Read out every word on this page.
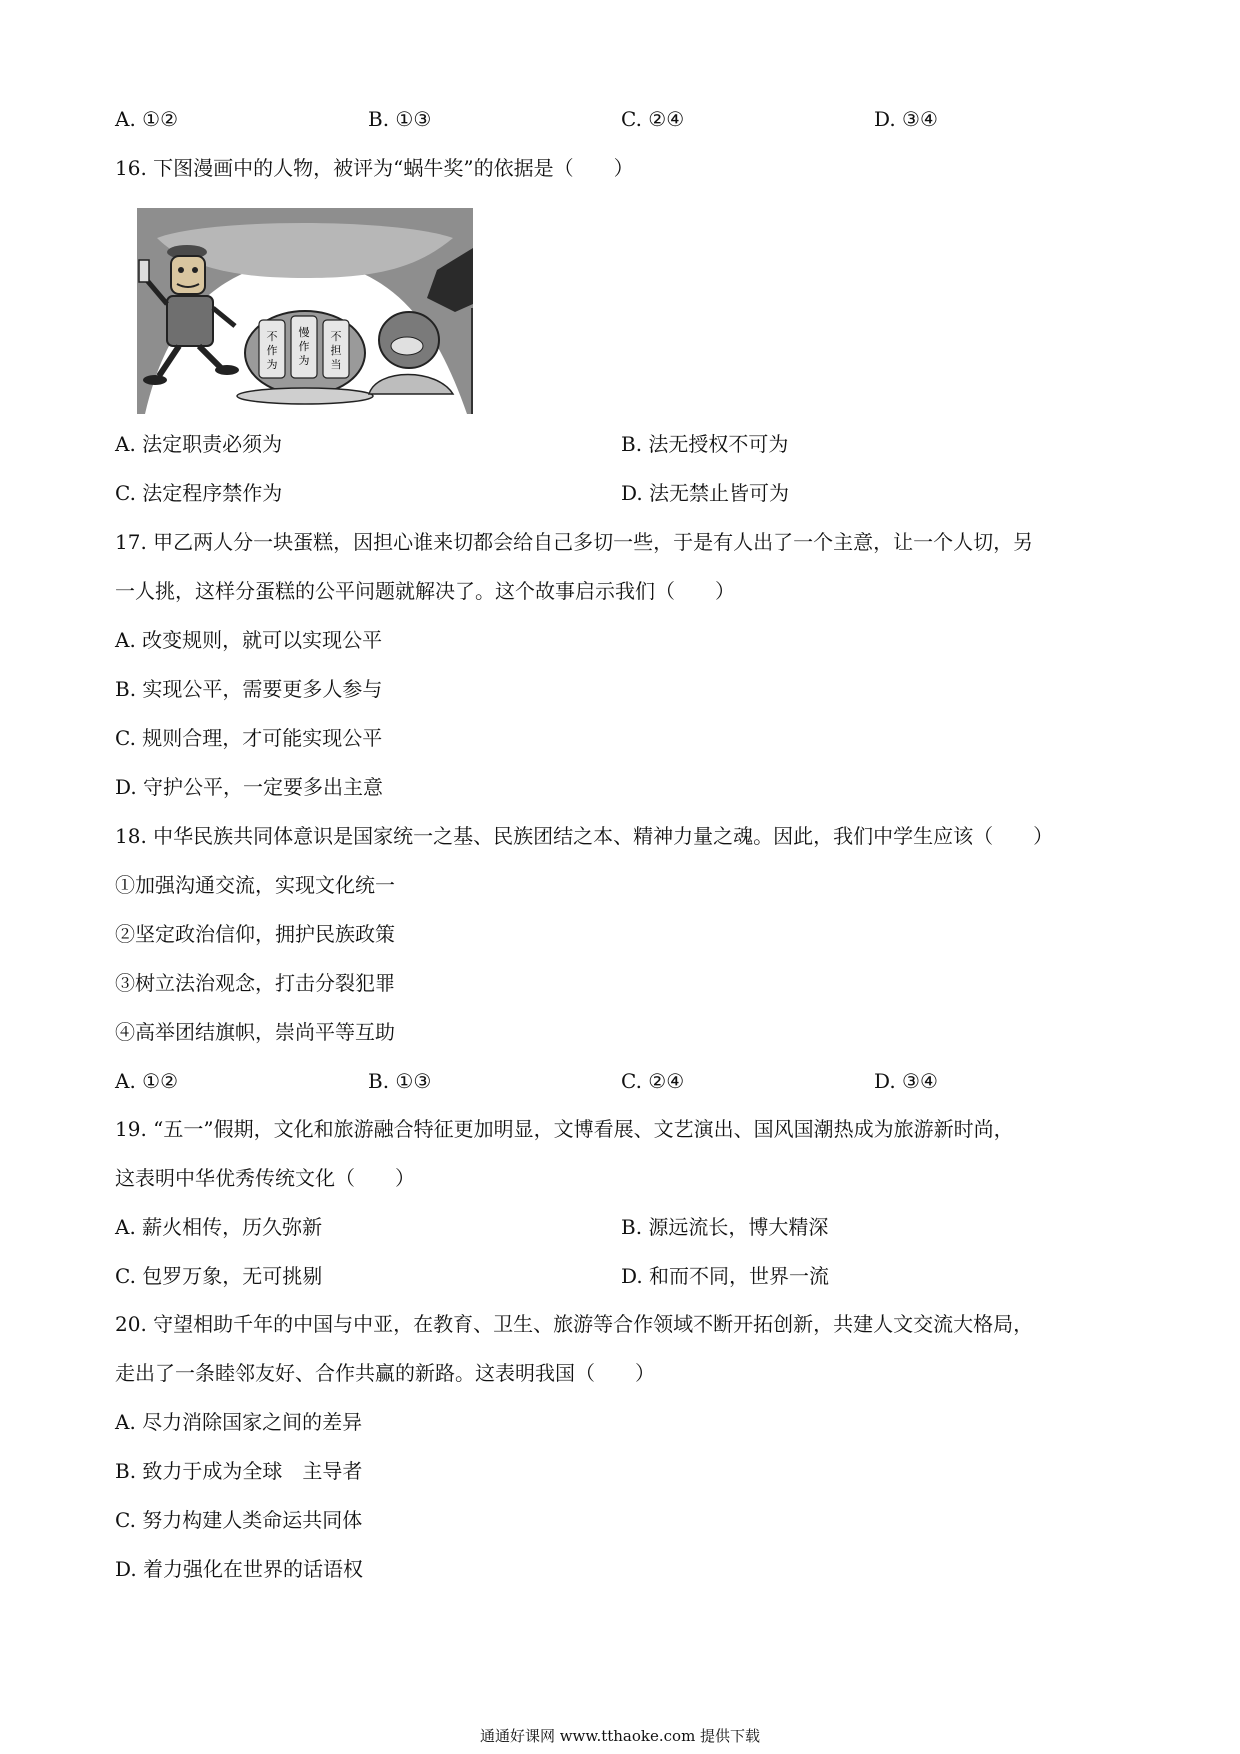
A. ①②	B. ①③	C. ②④	D. ③④
16. 下图漫画中的人物，被评为“蜗牛奖”的依据是（　　）
不
作
为
慢
作
为
不
担
当
A. 法定职责必须为	B. 法无授权不可为
C. 法定程序禁作为	D. 法无禁止皆可为
17. 甲乙两人分一块蛋糕，因担心谁来切都会给自己多切一些，于是有人出了一个主意，让一个人切，另
一人挑，这样分蛋糕的公平问题就解决了。这个故事启示我们（　　）
A. 改变规则，就可以实现公平
B. 实现公平，需要更多人参与
C. 规则合理，才可能实现公平
D. 守护公平，一定要多出主意
18. 中华民族共同体意识是国家统一之基、民族团结之本、精神力量之魂。因此，我们中学生应该（　　）
①加强沟通交流，实现文化统一
②坚定政治信仰，拥护民族政策
③树立法治观念，打击分裂犯罪
④高举团结旗帜，崇尚平等互助
A. ①②	B. ①③	C. ②④	D. ③④
19. “五一”假期，文化和旅游融合特征更加明显，文博看展、文艺演出、国风国潮热成为旅游新时尚，
这表明中华优秀传统文化（　　）
A. 薪火相传，历久弥新	B. 源远流长，博大精深
C. 包罗万象，无可挑剔	D. 和而不同，世界一流
20. 守望相助千年的中国与中亚，在教育、卫生、旅游等合作领域不断开拓创新，共建人文交流大格局，
走出了一条睦邻友好、合作共赢的新路。这表明我国（　　）
A. 尽力消除国家之间的差异
B. 致力于成为全球　主导者
C. 努力构建人类命运共同体
D. 着力强化在世界的话语权
通通好课网 www.tthaoke.com 提供下载
